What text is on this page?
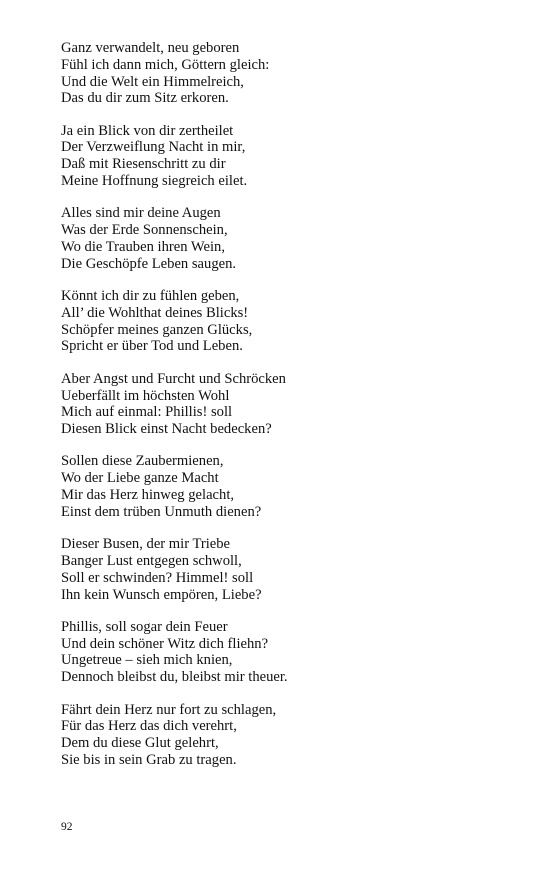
Ganz verwandelt, neu geboren
Fühl ich dann mich, Göttern gleich:
Und die Welt ein Himmelreich,
Das du dir zum Sitz erkoren.
Ja ein Blick von dir zertheilet
Der Verzweiflung Nacht in mir,
Daß mit Riesenschritt zu dir
Meine Hoffnung siegreich eilet.
Alles sind mir deine Augen
Was der Erde Sonnenschein,
Wo die Trauben ihren Wein,
Die Geschöpfe Leben saugen.
Könnt ich dir zu fühlen geben,
All’ die Wohlthat deines Blicks!
Schöpfer meines ganzen Glücks,
Spricht er über Tod und Leben.
Aber Angst und Furcht und Schröcken
Ueberfällt im höchsten Wohl
Mich auf einmal: Phillis! soll
Diesen Blick einst Nacht bedecken?
Sollen diese Zaubermienen,
Wo der Liebe ganze Macht
Mir das Herz hinweg gelacht,
Einst dem trüben Unmuth dienen?
Dieser Busen, der mir Triebe
Banger Lust entgegen schwoll,
Soll er schwinden? Himmel! soll
Ihn kein Wunsch empören, Liebe?
Phillis, soll sogar dein Feuer
Und dein schöner Witz dich fliehn?
Ungetreue – sieh mich knien,
Dennoch bleibst du, bleibst mir theuer.
Fährt dein Herz nur fort zu schlagen,
Für das Herz das dich verehrt,
Dem du diese Glut gelehrt,
Sie bis in sein Grab zu tragen.
92
